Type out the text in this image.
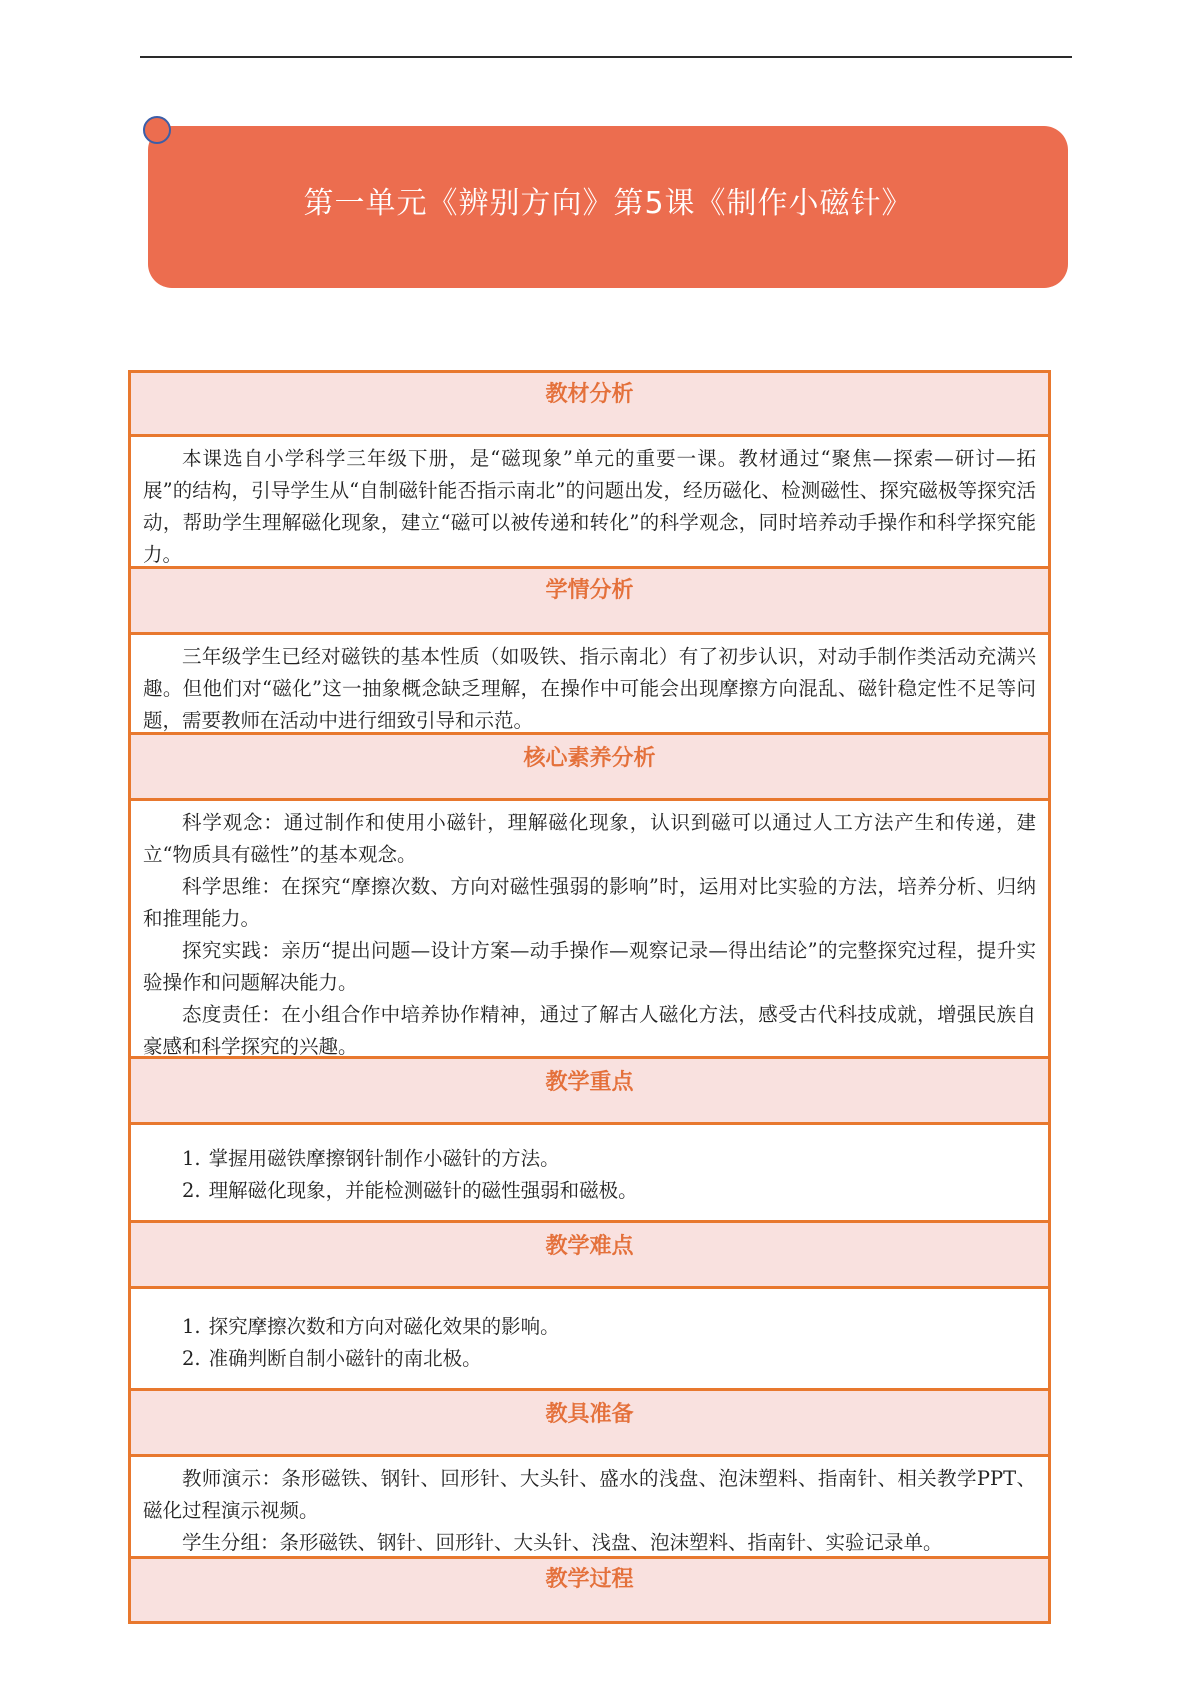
第一单元《辨别方向》第5课《制作小磁针》
教材分析

本课选自小学科学三年级下册，是“磁现象”单元的重要一课。教材通过“聚焦—探索—研讨—拓展”的结构，引导学生从“自制磁针能否指示南北”的问题出发，经历磁化、检测磁性、探究磁极等探究活动，帮助学生理解磁化现象，建立“磁可以被传递和转化”的科学观念，同时培养动手操作和科学探究能力。

学情分析

三年级学生已经对磁铁的基本性质（如吸铁、指示南北）有了初步认识，对动手制作类活动充满兴趣。但他们对“磁化”这一抽象概念缺乏理解，在操作中可能会出现摩擦方向混乱、磁针稳定性不足等问题，需要教师在活动中进行细致引导和示范。

核心素养分析

科学观念：通过制作和使用小磁针，理解磁化现象，认识到磁可以通过人工方法产生和传递，建立“物质具有磁性”的基本观念。

科学思维：在探究“摩擦次数、方向对磁性强弱的影响”时，运用对比实验的方法，培养分析、归纳和推理能力。

探究实践：亲历“提出问题—设计方案—动手操作—观察记录—得出结论”的完整探究过程，提升实验操作和问题解决能力。

态度责任：在小组合作中培养协作精神，通过了解古人磁化方法，感受古代科技成就，增强民族自豪感和科学探究的兴趣。

教学重点
1. 掌握用磁铁摩擦钢针制作小磁针的方法。
2. 理解磁化现象，并能检测磁针的磁性强弱和磁极。
教学难点
1. 探究摩擦次数和方向对磁化效果的影响。
2. 准确判断自制小磁针的南北极。
教具准备

教师演示：条形磁铁、钢针、回形针、大头针、盛水的浅盘、泡沫塑料、指南针、相关教学PPT、磁化过程演示视频。

学生分组：条形磁铁、钢针、回形针、大头针、浅盘、泡沫塑料、指南针、实验记录单。

教学过程
